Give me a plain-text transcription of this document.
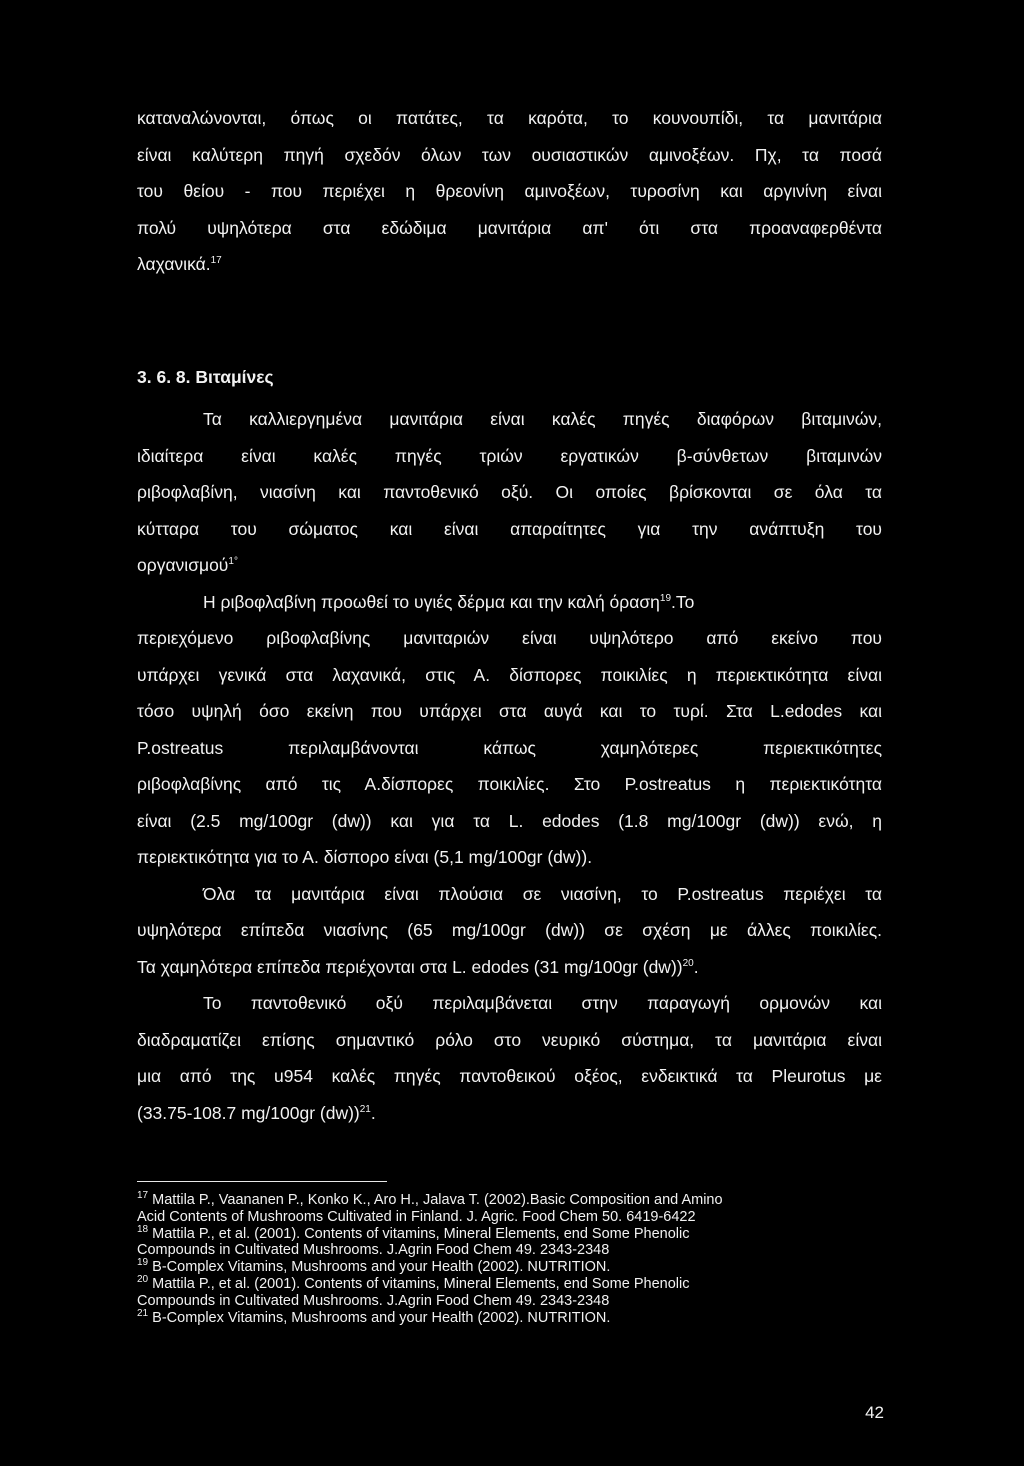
καταναλώνονται, όπως οι πατάτες, τα καρότα, το κουνουπίδι, τα μανιτάρια
είναι καλύτερη πηγή σχεδόν όλων των ουσιαστικών αμινοξέων. Πχ, τα ποσά
του θείου - που περιέχει η θρεονίνη αμινοξέων, τυροσίνη και αργινίνη είναι
πολύ υψηλότερα στα εδώδιμα μανιτάρια απ' ότι στα προαναφερθέντα
λαχανικά.$^{17}$
3. 6. 8. Βιταμίνες
Τα καλλιεργημένα μανιτάρια είναι καλές πηγές διαφόρων βιταμινών,
ιδιαίτερα είναι καλές πηγές τριών εργατικών β-σύνθετων βιταμινών
ριβοφλαβίνη, νιασίνη και παντοθενικό οξύ. Οι οποίες βρίσκονται σε όλα τα
κύτταρα του σώματος και είναι απαραίτητες για την ανάπτυξη του
οργανισμού$^{1^\circ}$
Η ριβοφλαβίνη προωθεί το υγιές δέρμα και την καλή όραση$^{19}$.Το
περιεχόμενο ριβοφλαβίνης μανιταριών είναι υψηλότερο από εκείνο που
υπάρχει γενικά στα λαχανικά, στις Α. δίσπορες ποικιλίες η περιεκτικότητα είναι
τόσο υψηλή όσο εκείνη που υπάρχει στα αυγά και το τυρί. Στα L.edodes και
P.ostreatus περιλαμβάνονται κάπως χαμηλότερες περιεκτικότητες
ριβοφλαβίνης από τις Α.δίσπορες ποικιλίες. Στο P.ostreatus η περιεκτικότητα
είναι (2.5 mg/100gr (dw)) και για τα L. edodes (1.8 mg/100gr (dw)) ενώ, η
περιεκτικότητα για το Α. δίσπορο είναι (5,1 mg/100gr (dw)).
Όλα τα μανιτάρια είναι πλούσια σε νιασίνη, το P.ostreatus περιέχει τα
υψηλότερα επίπεδα νιασίνης (65 mg/100gr (dw)) σε σχέση με άλλες ποικιλίες.
Τα χαμηλότερα επίπεδα περιέχονται στα L. edodes (31 mg/100gr (dw))$^{20}$.
Το παντοθενικό οξύ περιλαμβάνεται στην παραγωγή ορμονών και
διαδραματίζει επίσης σημαντικό ρόλο στο νευρικό σύστημα, τα μανιτάρια είναι
μια από της u954 καλές πηγές παντοθεικού οξέος, ενδεικτικά τα Pleurotus με
(33.75-108.7 mg/100gr (dw))$^{21}$.
$^{17}$ Mattila P., Vaananen P., Konko K., Aro H., Jalava T. (2002).Basic Composition and Amino
Acid Contents of Mushrooms Cultivated in Finland. J. Agric. Food Chem 50. 6419-6422
$^{18}$ Mattila P., et al. (2001). Contents of vitamins, Mineral Elements, end Some Phenolic
Compounds in Cultivated Mushrooms. J.Agrin Food Chem 49. 2343-2348
$^{19}$ B-Complex Vitamins, Mushrooms and your Health (2002). NUTRITION.
$^{20}$ Mattila P., et al. (2001). Contents of vitamins, Mineral Elements, end Some Phenolic
Compounds in Cultivated Mushrooms. J.Agrin Food Chem 49. 2343-2348
$^{21}$ B-Complex Vitamins, Mushrooms and your Health (2002). NUTRITION.
42
